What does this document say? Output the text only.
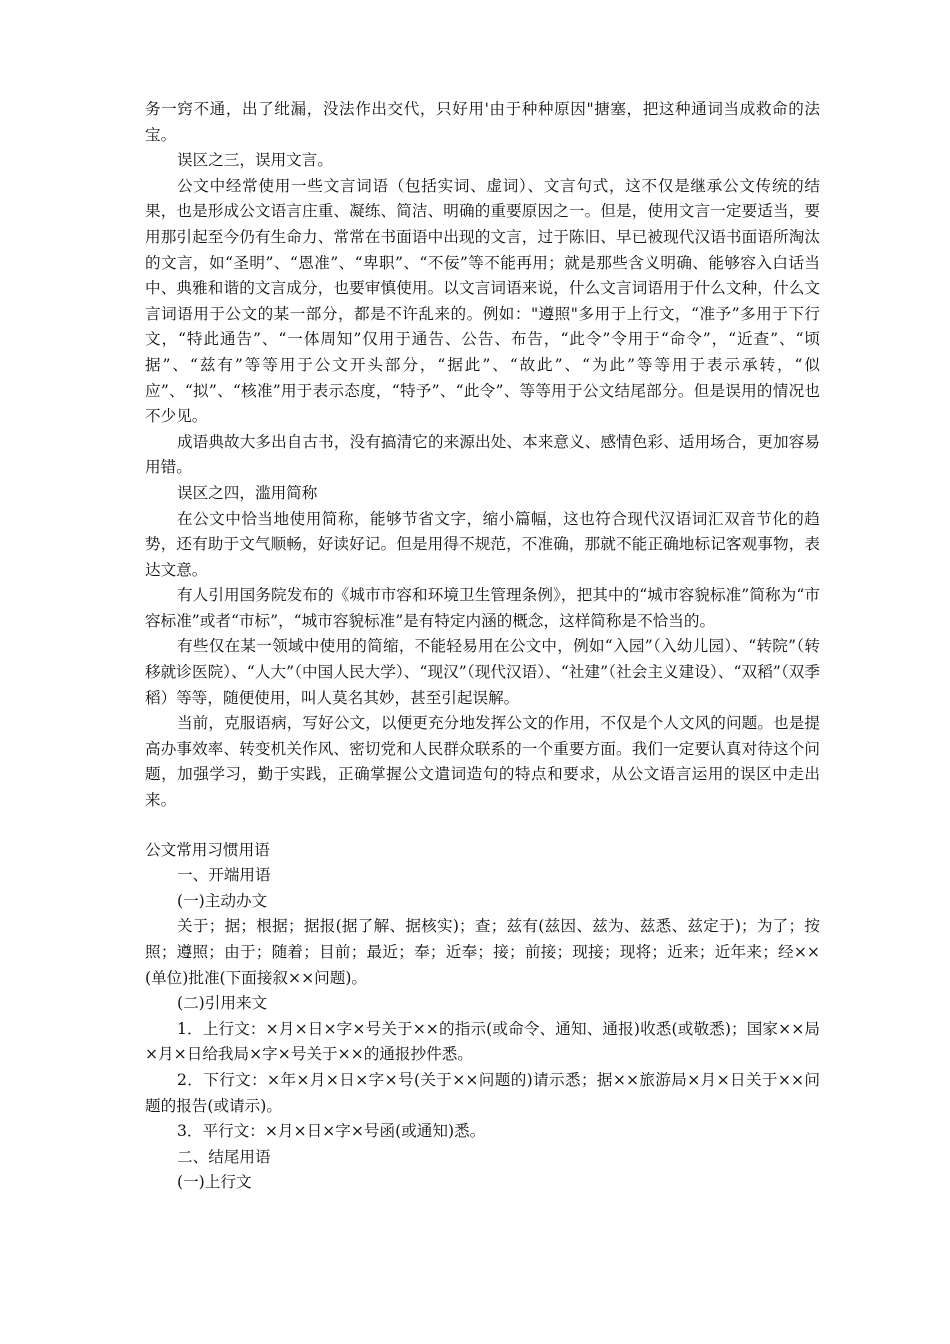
务一窍不通，出了纰漏，没法作出交代，只好用'由于种种原因"搪塞，把这种通词当成救命的法宝。

误区之三，误用文言。

公文中经常使用一些文言词语（包括实词、虚词）、文言句式，这不仅是继承公文传统的结果，也是形成公文语言庄重、凝练、简洁、明确的重要原因之一。但是，使用文言一定要适当，要用那引起至今仍有生命力、常常在书面语中出现的文言，过于陈旧、早已被现代汉语书面语所淘汰的文言，如“圣明”、“恩准”、“卑职”、“不佞”等不能再用；就是那些含义明确、能够容入白话当中、典雅和谐的文言成分，也要审慎使用。以文言词语来说，什么文言词语用于什么文种，什么文言词语用于公文的某一部分，都是不许乱来的。例如："遵照"多用于上行文，“准予”多用于下行文，“特此通告”、“一体周知”仅用于通告、公告、布告，“此令”令用于“命令”，“近查”、“顷据”、“兹有”等等用于公文开头部分，“据此”、“故此”、“为此”等等用于表示承转，“似应”、“拟”、“核准”用于表示态度，“特予”、“此令”、等等用于公文结尾部分。但是误用的情况也不少见。

成语典故大多出自古书，没有搞清它的来源出处、本来意义、感情色彩、适用场合，更加容易用错。

误区之四，滥用简称

在公文中恰当地使用简称，能够节省文字，缩小篇幅，这也符合现代汉语词汇双音节化的趋势，还有助于文气顺畅，好读好记。但是用得不规范，不准确，那就不能正确地标记客观事物，表达文意。

有人引用国务院发布的《城市市容和环境卫生管理条例》，把其中的“城市容貌标准”简称为“市容标准”或者“市标”，“城市容貌标准”是有特定内涵的概念，这样简称是不恰当的。

有些仅在某一领域中使用的简缩，不能轻易用在公文中，例如“入园”（入幼儿园）、“转院”（转移就诊医院）、“人大”（中国人民大学）、“现汉”（现代汉语）、“社建”（社会主义建设）、“双稻”（双季稻）等等，随便使用，叫人莫名其妙，甚至引起误解。

当前，克服语病，写好公文，以便更充分地发挥公文的作用，不仅是个人文风的问题。也是提高办事效率、转变机关作风、密切党和人民群众联系的一个重要方面。我们一定要认真对待这个问题，加强学习，勤于实践，正确掌握公文遣词造句的特点和要求，从公文语言运用的误区中走出来。

公文常用习惯用语

一、开端用语

(一)主动办文

关于；据；根据；据报(据了解、据核实)；查；兹有(兹因、兹为、兹悉、兹定于)；为了；按照；遵照；由于；随着；目前；最近；奉；近奉；接；前接；现接；现将；近来；近年来；经××(单位)批准(下面接叙××问题)。

(二)引用来文

1．上行文：×月×日×字×号关于××的指示(或命令、通知、通报)收悉(或敬悉)；国家××局×月×日给我局×字×号关于××的通报抄件悉。

2．下行文：×年×月×日×字×号(关于××问题的)请示悉；据××旅游局×月×日关于××问题的报告(或请示)。

3．平行文：×月×日×字×号函(或通知)悉。

二、结尾用语

(一)上行文
